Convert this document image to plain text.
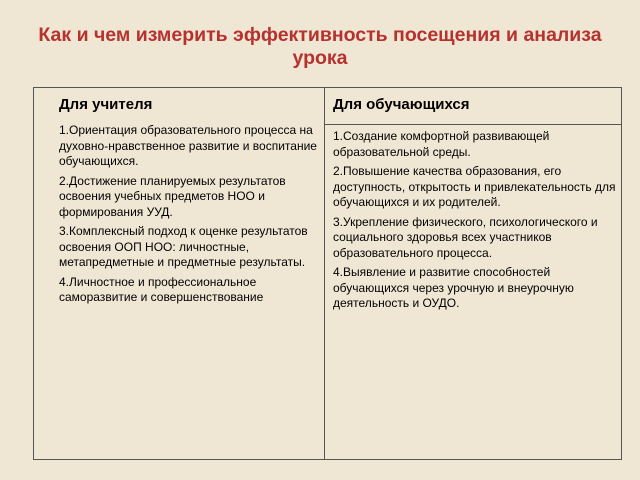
Как и чем измерить эффективность посещения и анализа урока
Для учителя

1.Ориентация образовательного процесса на духовно-нравственное развитие и воспитание обучающихся.

2.Достижение планируемых результатов освоения учебных предметов НОО и формирования УУД.

3.Комплексный подход к оценке результатов освоения ООП НОО: личностные, метапредметные и предметные результаты.

4.Личностное и профессиональное саморазвитие и совершенствование

Для обучающихся

1.Создание комфортной развивающей образовательной среды.

2.Повышение качества образования, его доступность, открытость и привлекательность для обучающихся и их родителей.

3.Укрепление физического, психологического и социального здоровья всех участников образовательного процесса.

4.Выявление и развитие способностей обучающихся через урочную и внеурочную деятельность и ОУДО.
